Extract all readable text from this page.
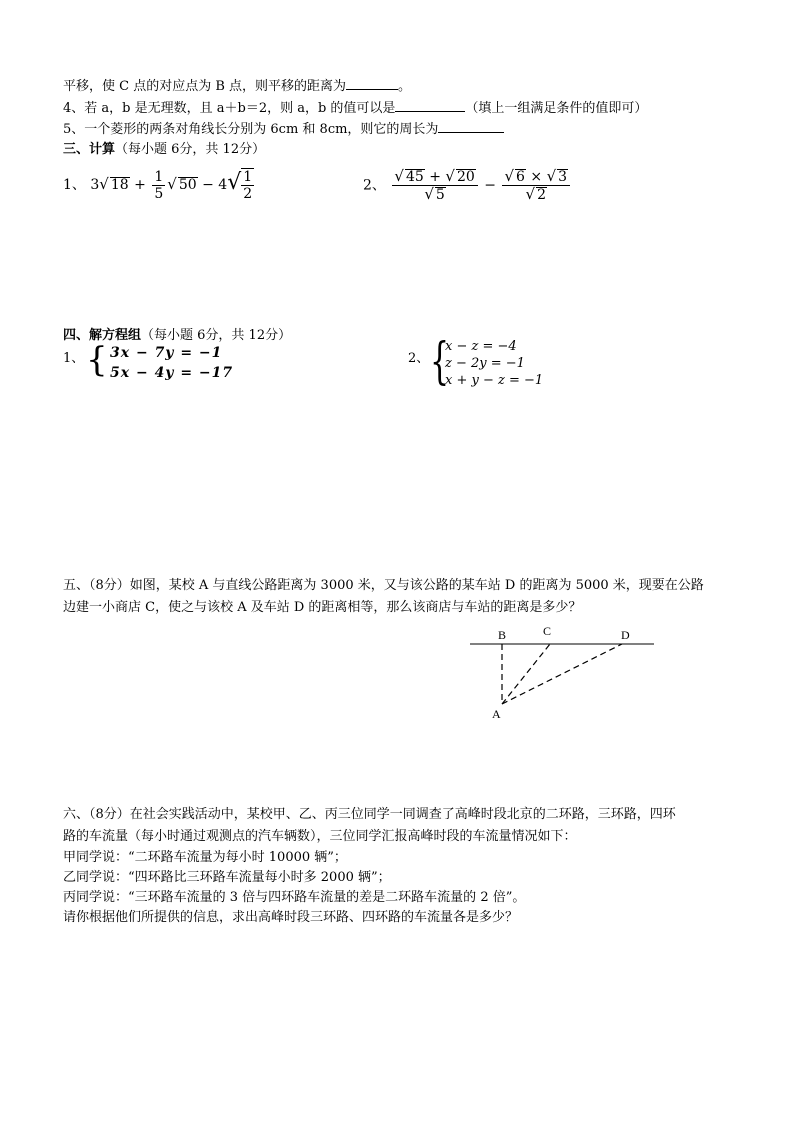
平移，使 C 点的对应点为 B 点，则平移的距离为	。
4、若 a，b 是无理数，且 a＋b＝2，则 a，b 的值可以是	（填上一组满足条件的值即可）
5、一个菱形的两条对角线长分别为 6cm 和 8cm，则它的周长为
三、计算（每小题 6分，共 12分）
1、 3√ $18 + \frac{1}{5}$ √ $50 - 4√ \frac{1}{2}$	2、 $\frac{√ 45 + √ 20}{√ 5} - \frac{√ 6 \times √ 3}{√ 2}$
四、解方程组（每小题 6分，共 12分）
1、 { 3x − 7y = −1
5x − 4y = −17
2、 {
x − z = −4
z − 2y = −1
x + y − z = −1
五、（8分）如图，某校 A 与直线公路距离为 3000 米，又与该公路的某车站 D 的距离为 5000 米，现要在公路
边建一小商店 C，使之与该校 A 及车站 D 的距离相等，那么该商店与车站的距离是多少？
B	C	D
A
六、（8分）在社会实践活动中，某校甲、乙、丙三位同学一同调查了高峰时段北京的二环路，三环路，四环
路的车流量（每小时通过观测点的汽车辆数），三位同学汇报高峰时段的车流量情况如下：
甲同学说：“二环路车流量为每小时 10000 辆”；
乙同学说：“四环路比三环路车流量每小时多 2000 辆”；
丙同学说：“三环路车流量的 3 倍与四环路车流量的差是二环路车流量的 2 倍”。
请你根据他们所提供的信息，求出高峰时段三环路、四环路的车流量各是多少？
